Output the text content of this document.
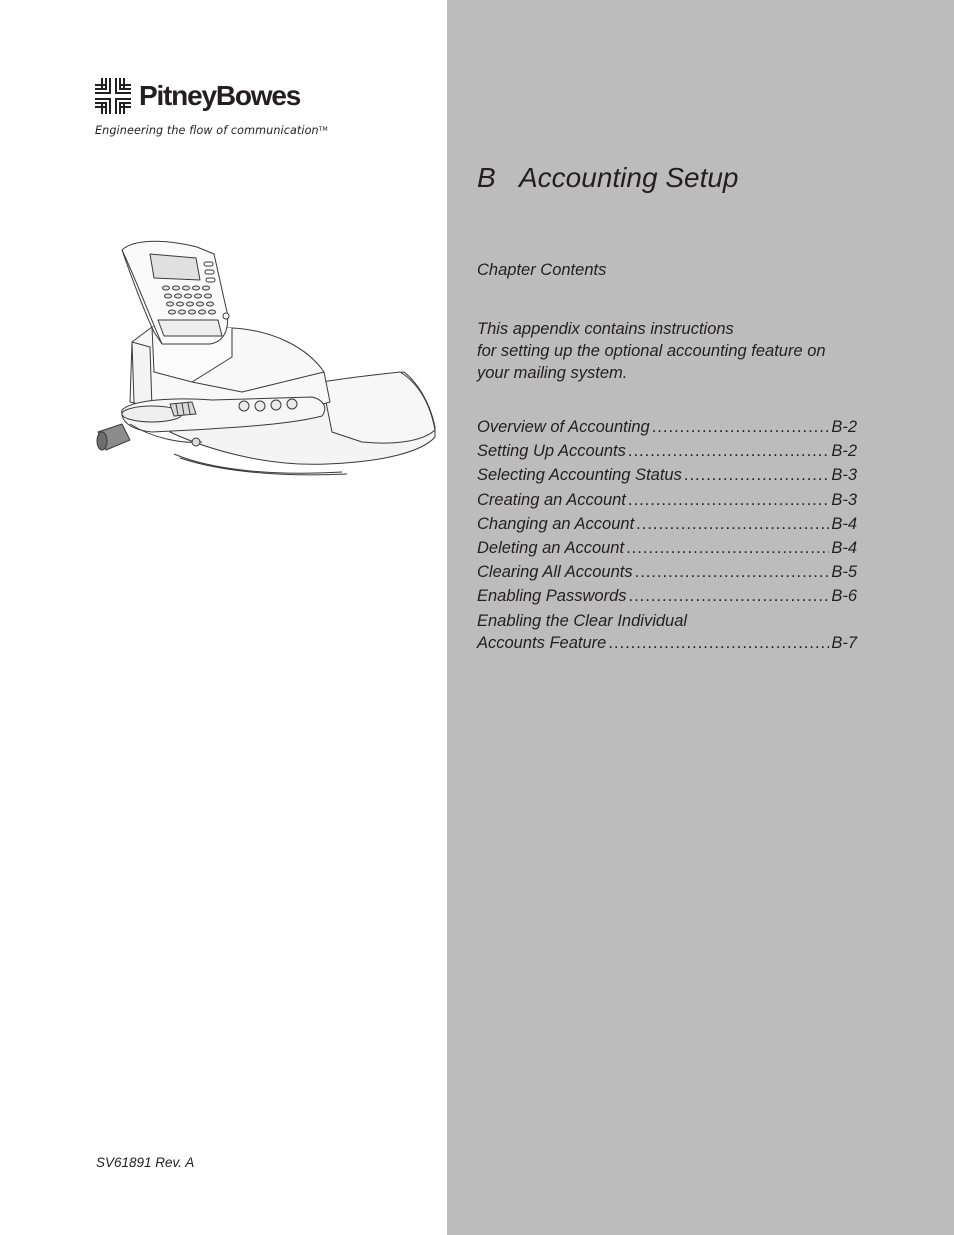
PitneyBowes
Engineering the flow of communication™
SV61891 Rev. A
B Accounting Setup
Chapter Contents
This appendix contains instructions
for setting up the optional accounting feature on
your mailing system.
Overview of Accounting .....	B-2
Setting Up Accounts .....	B-2
Selecting Accounting Status .....	B-3
Creating an Account .....	B-3
Changing an Account .....	B-4
Deleting an Account .....	B-4
Clearing All Accounts .....	B-5
Enabling Passwords .....	B-6
Enabling the Clear Individual
Accounts Feature .....	B-7
